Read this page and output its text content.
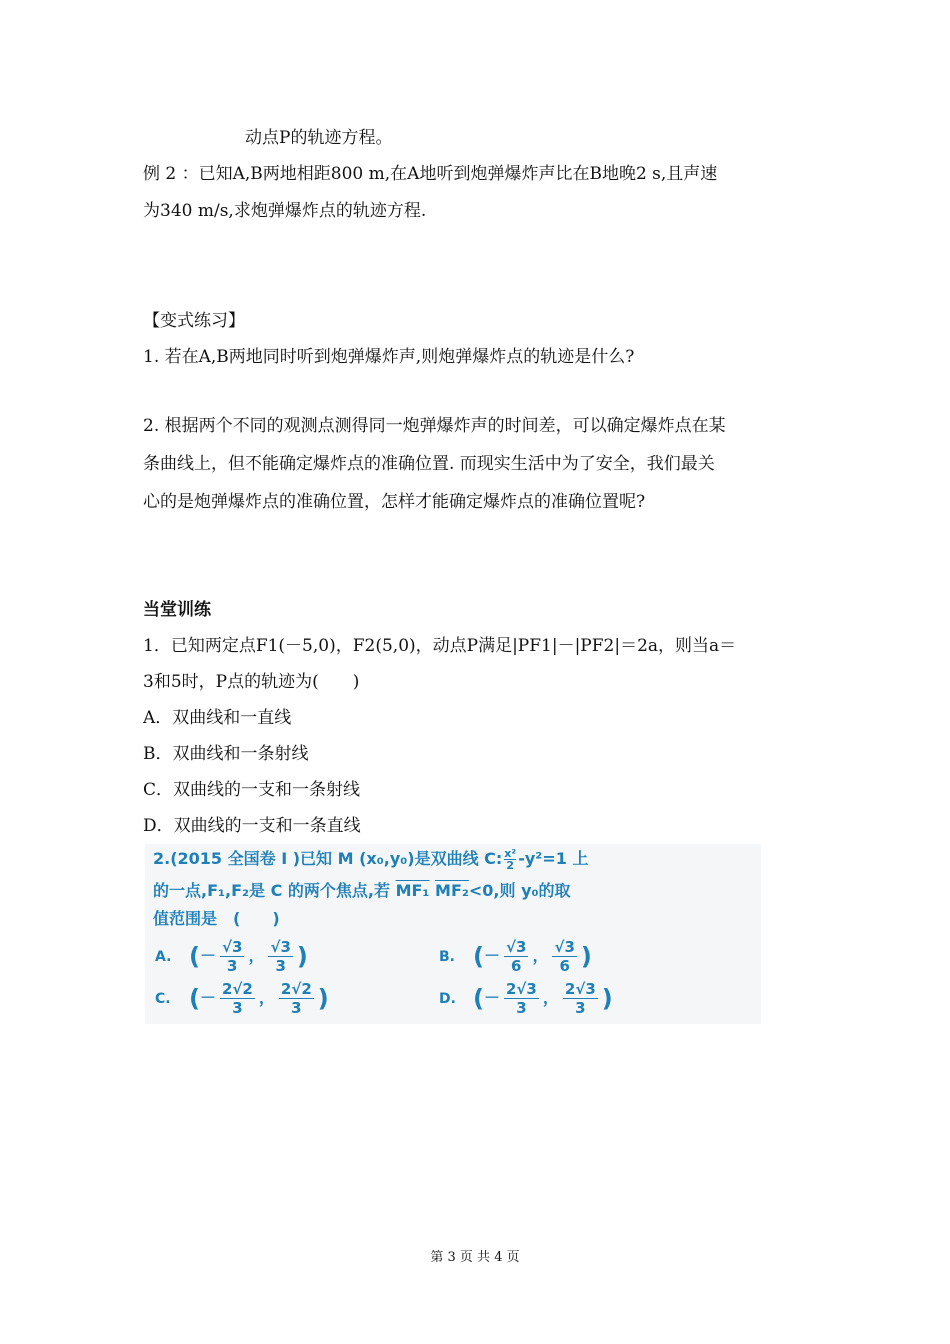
动点P的轨迹方程。
例 2 ：已知A,B两地相距800 m,在A地听到炮弹爆炸声比在B地晚2 s,且声速
为340 m/s,求炮弹爆炸点的轨迹方程.
【变式练习】
1. 若在A,B两地同时听到炮弹爆炸声,则炮弹爆炸点的轨迹是什么?
2. 根据两个不同的观测点测得同一炮弹爆炸声的时间差，可以确定爆炸点在某
条曲线上，但不能确定爆炸点的准确位置. 而现实生活中为了安全，我们最关
心的是炮弹爆炸点的准确位置，怎样才能确定爆炸点的准确位置呢?
当堂训练
1．已知两定点F1(－5,0)，F2(5,0)，动点P满足|PF1|－|PF2|＝2a，则当a＝
3和5时，P点的轨迹为(　　)
A．双曲线和一直线
B．双曲线和一条射线
C．双曲线的一支和一条射线
D．双曲线的一支和一条直线
2.(2015 全国卷 I )已知 M (x₀,y₀)是双曲线 C: $\frac{\text{x²}}{2} -y^2=1$ 上
的一点,F₁,F₂是 C 的两个焦点,若 MF₁ MF₂<0,则 y₀的取
值范围是　(　　)
A. (－ $\frac{√3}{3}$ ， $\frac{√3}{3}$ )	B. (－ $\frac{√3}{6}$ ， $\frac{√3}{6}$ )
C. (－ $\frac{2√2}{3}$ ， $\frac{2√2}{3}$ )	D. (－ $\frac{2√3}{3}$ ， $\frac{2√3}{3}$ )
第 3 页 共 4 页
